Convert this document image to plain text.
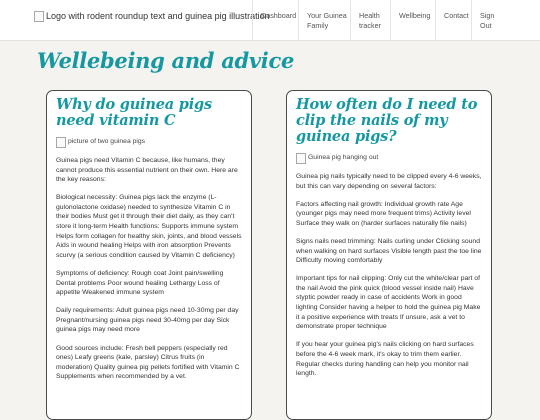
Logo with rodent roundup text and guinea pig illustration
Dashboard	Your Guinea Family
Health tracker
Wellbeing	Contact	Sign Out
Wellebeing and advice
Why do guinea pigs need vitamin C
picture of two guinea pigs

Guinea pigs need Vitamin C because, like humans, they cannot produce this essential nutrient on their own. Here are the key reasons:

Biological necessity: Guinea pigs lack the enzyme (L-gulonolactone oxidase) needed to synthesize Vitamin C in their bodies Must get it through their diet daily, as they can't store it long-term Health functions: Supports immune system Helps form collagen for healthy skin, joints, and blood vessels Aids in wound healing Helps with iron absorption Prevents scurvy (a serious condition caused by Vitamin C deficiency)

Symptoms of deficiency: Rough coat Joint pain/swelling Dental problems Poor wound healing Lethargy Loss of appetite Weakened immune system

Daily requirements: Adult guinea pigs need 10-30mg per day Pregnant/nursing guinea pigs need 30-40mg per day Sick guinea pigs may need more

Good sources include: Fresh bell peppers (especially red ones) Leafy greens (kale, parsley) Citrus fruits (in moderation) Quality guinea pig pellets fortified with Vitamin C Supplements when recommended by a vet.

How often do I need to clip the nails of my guinea pigs?
Guinea pig hanging out

Guinea pig nails typically need to be clipped every 4-6 weeks, but this can vary depending on several factors:

Factors affecting nail growth: Individual growth rate Age (younger pigs may need more frequent trims) Activity level Surface they walk on (harder surfaces naturally file nails)

Signs nails need trimming: Nails curling under Clicking sound when walking on hard surfaces Visible length past the toe line Difficulty moving comfortably

Important tips for nail clipping: Only cut the white/clear part of the nail Avoid the pink quick (blood vessel inside nail) Have styptic powder ready in case of accidents Work in good lighting Consider having a helper to hold the guinea pig Make it a positive experience with treats If unsure, ask a vet to demonstrate proper technique

If you hear your guinea pig's nails clicking on hard surfaces before the 4-6 week mark, it's okay to trim them earlier. Regular checks during handling can help you monitor nail length.
